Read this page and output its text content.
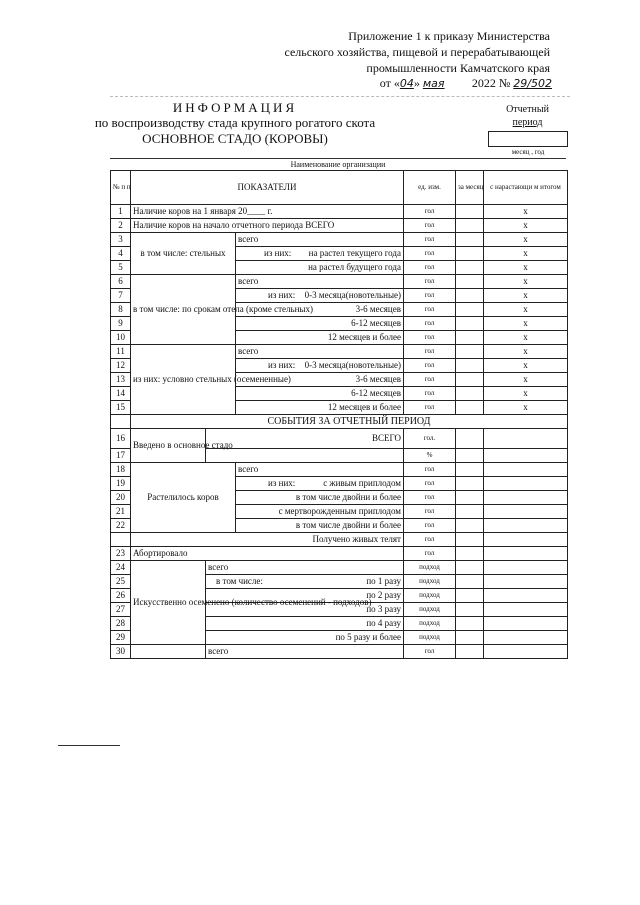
Приложение 1 к приказу Министерства
сельского хозяйства, пищевой и перерабатывающей
промышленности Камчатского края
от «04» мая 2022 № 29/502
ИНФОРМАЦИЯ
по воспроизводству стада крупного рогатого скота
ОСНОВНОЕ СТАДО (КОРОВЫ)
Отчетный
период
месяц , год
Наименование организации
№ п п	ПОКАЗАТЕЛИ			ед. изм.	за месяц	с нарастающи м итогом
1	Наличие коров на 1 января 20____ г.			гол		x
2	Наличие коров на начало отчетного периода ВСЕГО			гол		x
3	в том числе: стельных		всего	гол		x
4			из них: на растел текущего года	гол		x
5			на растел будущего года	гол		x
6	в том числе: по срокам отела (кроме стельных)		всего	гол		x
7			из них: 0-3 месяца(новотельные)	гол		x
8			3-6 месяцев	гол		x
9			6-12 месяцев	гол		x
10			12 месяцев и более	гол		x
11	из них: условно стельных (осемененные)		всего	гол		x
12			из них: 0-3 месяца(новотельные)	гол		x
13			3-6 месяцев	гол		x
14			6-12 месяцев	гол		x
15			12 месяцев и более	гол		x
	СОБЫТИЯ ЗА ОТЧЕТНЫЙ ПЕРИОД					
16	Введено в основное стадо	ВСЕГО		гол.		
17				%		
18	Растелилось коров		всего	гол		
19			из них: с живым приплодом	гол		
20			в том числе двойни и более	гол		
21			с мертворожденным приплодом	гол		
22			в том числе двойни и более	гол		
	Получено живых телят			гол		
23	Абортировало			гол		
24	Искусственно осеменено (количество осеменений - подходов)	всего		подход		
25		в том числе: по 1 разу		подход		
26		по 2 разу		подход		
27		по 3 разу		подход		
28		по 4 разу		подход		
29		по 5 разу и более		подход		
30		всего		гол		
